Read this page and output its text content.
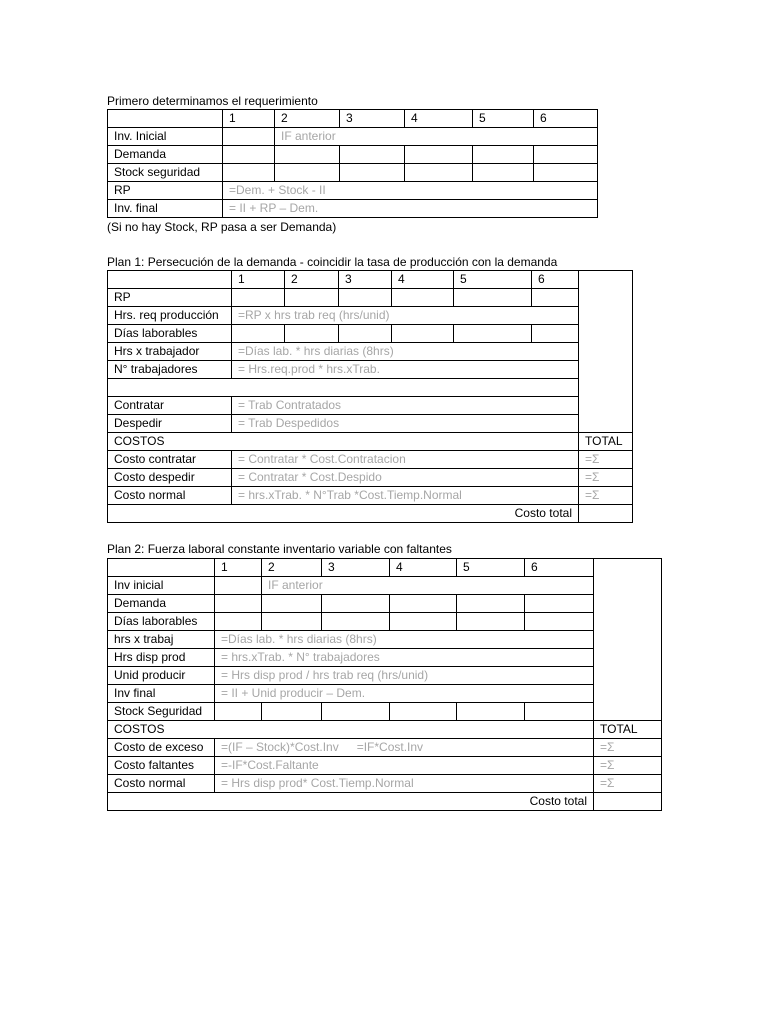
Primero determinamos el requerimiento
	1	2	3	4	5	6
Inv. Inicial		IF anterior				
Demanda						
Stock seguridad						
RP	=Dem. + Stock - II					
Inv. final	= II + RP – Dem.					
(Si no hay Stock, RP pasa a ser Demanda)
Plan 1: Persecución de la demanda - coincidir la tasa de producción con la demanda
	1	2	3	4	5	6	
RP							
Hrs. req producción	=RP x hrs trab req (hrs/unid)						
Días laborables							
Hrs x trabajador	=Días lab. * hrs diarias (8hrs)						
N° trabajadores	= Hrs.req.prod * hrs.xTrab.						

Contratar	= Trab Contratados						
Despedir	= Trab Despedidos						
COSTOS							TOTAL
Costo contratar	= Contratar * Cost.Contratacion						=Σ
Costo despedir	= Contratar * Cost.Despido						=Σ
Costo normal	= hrs.xTrab. * N°Trab *Cost.Tiemp.Normal						=Σ
Costo total							
Plan 2: Fuerza laboral constante inventario variable con faltantes
	1	2	3	4	5	6	
Inv inicial		IF anterior					
Demanda							
Días laborables							
hrs x trabaj	=Días lab. * hrs diarias (8hrs)						
Hrs disp prod	= hrs.xTrab. * N° trabajadores						
Unid producir	= Hrs disp prod / hrs trab req (hrs/unid)						
Inv final	= II + Unid producir – Dem.						
Stock Seguridad							
COSTOS							TOTAL
Costo de exceso	=(IF – Stock)*Cost.Inv =IF*Cost.Inv						=Σ
Costo faltantes	=-IF*Cost.Faltante						=Σ
Costo normal	= Hrs disp prod* Cost.Tiemp.Normal						=Σ
Costo total							
